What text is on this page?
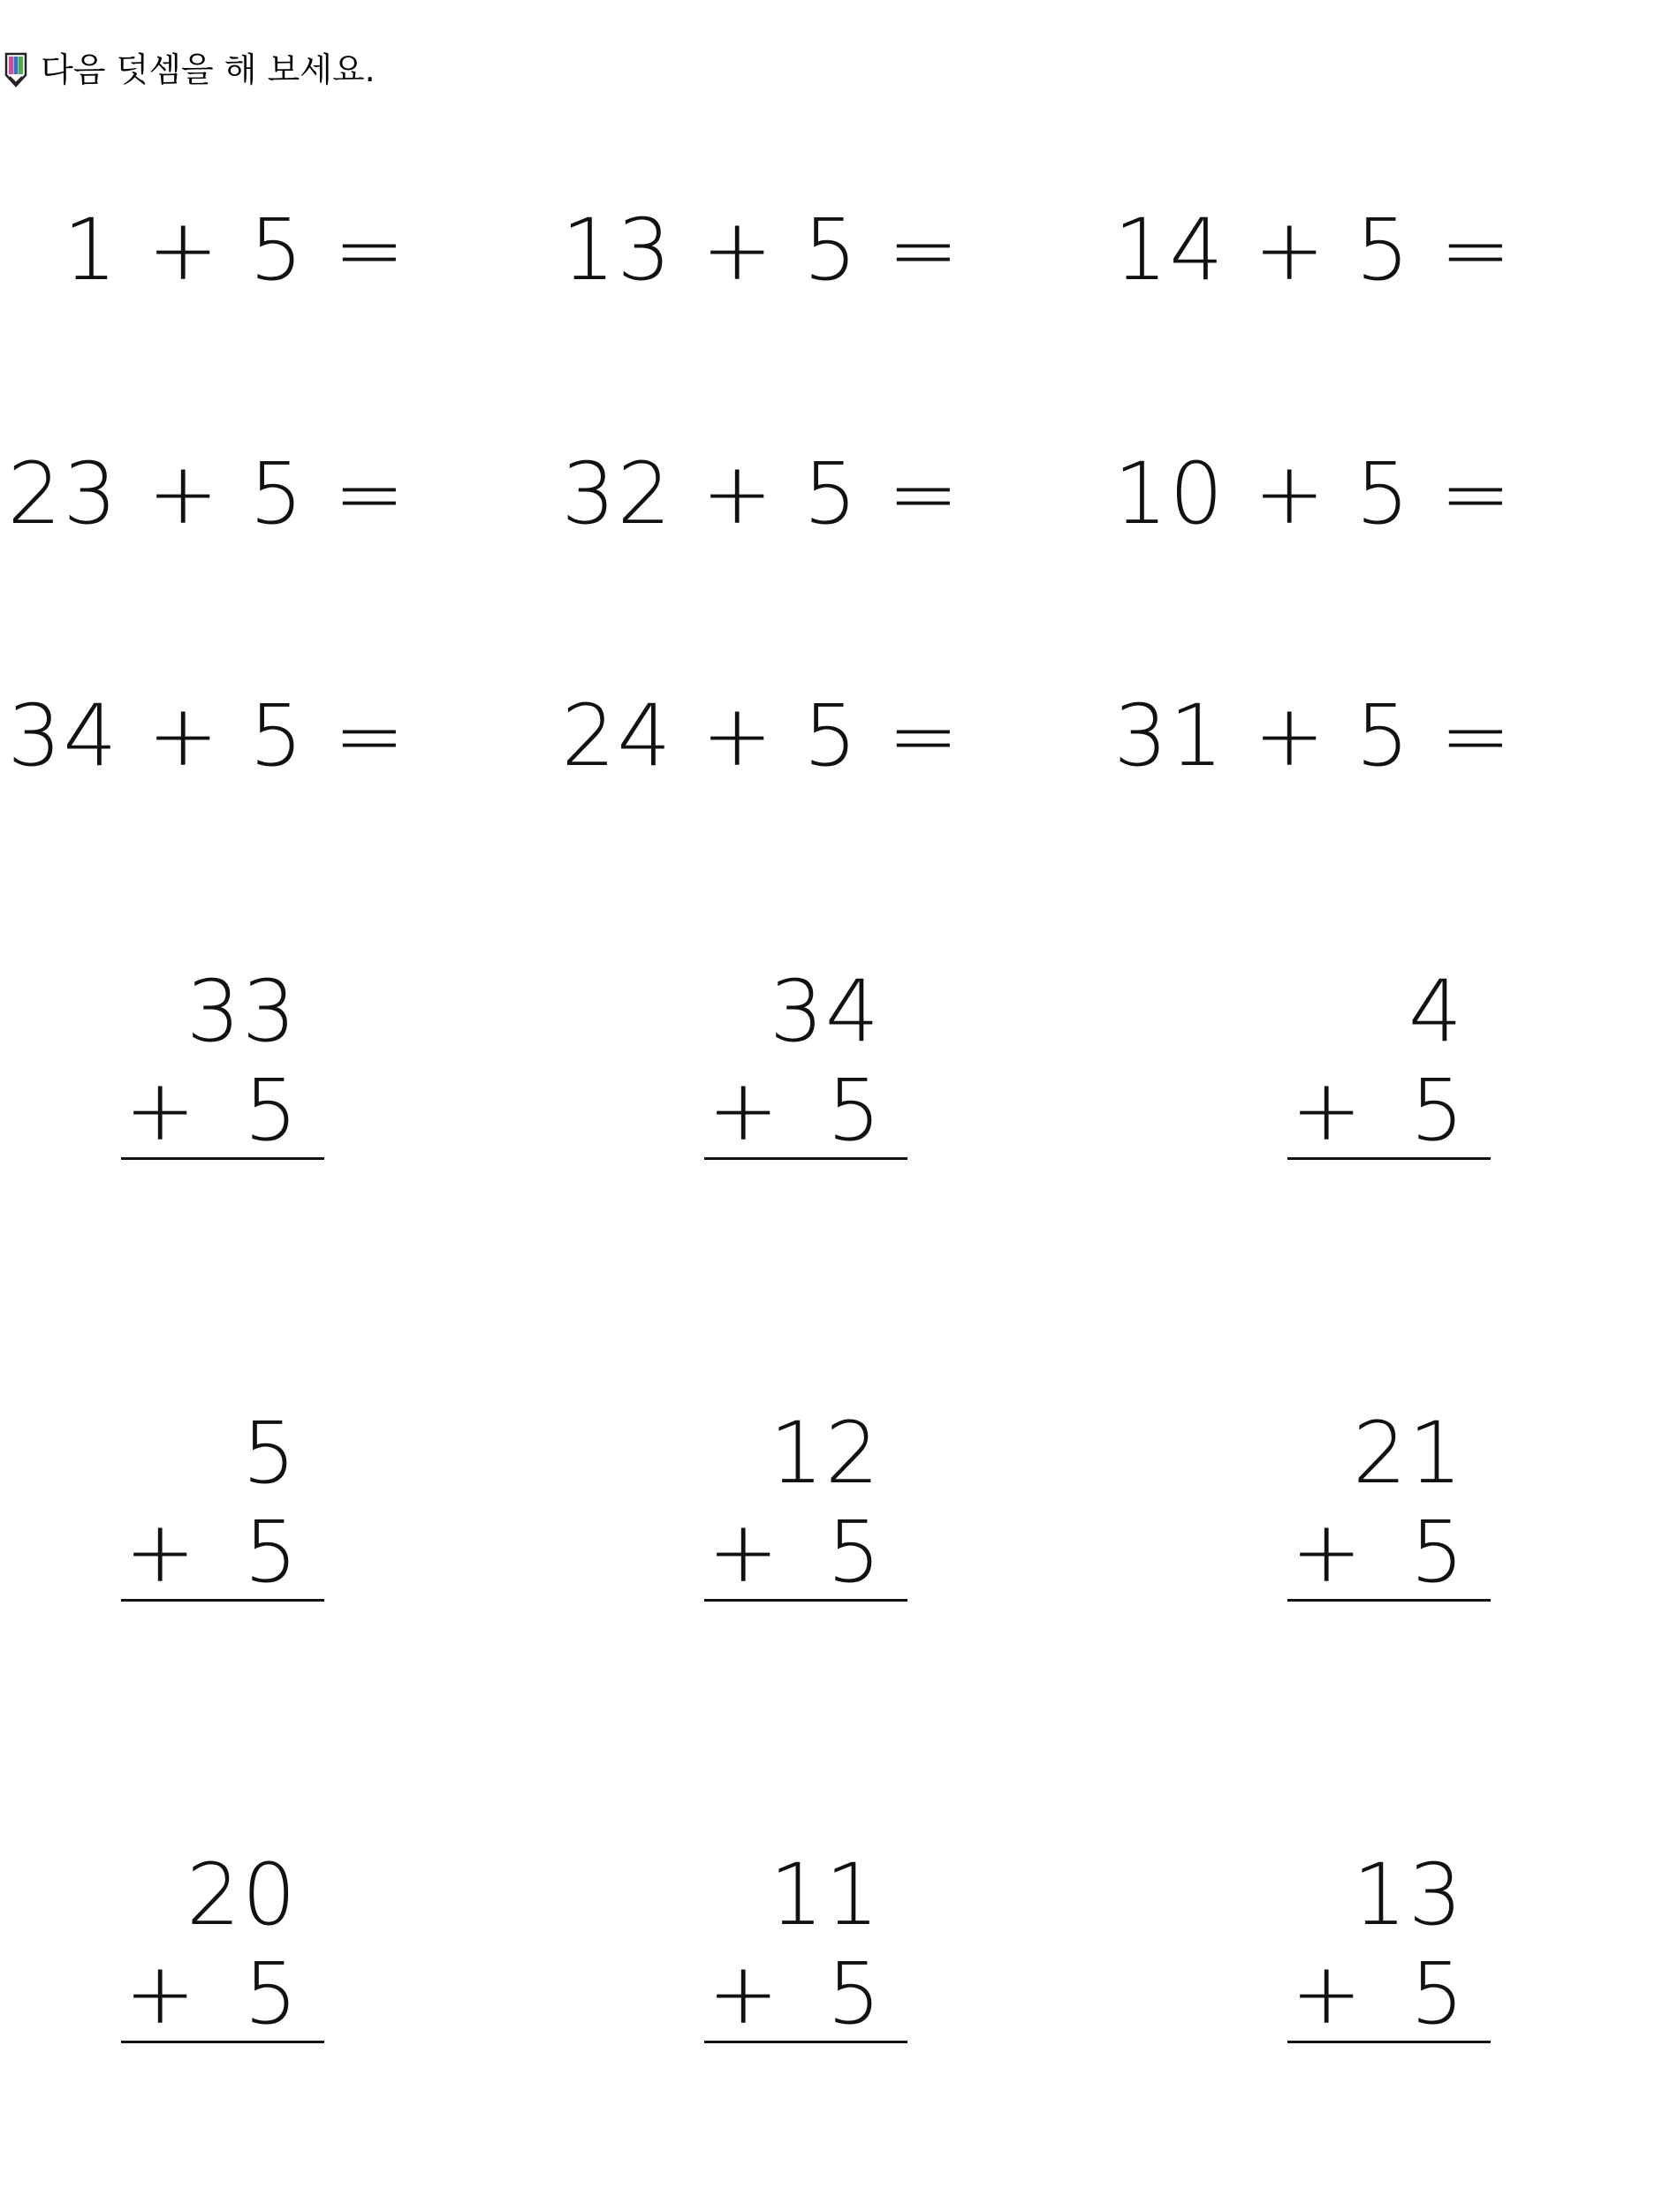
다음 덧셈을 해 보세요.
1 + 5 =	13 + 5 =	14 + 5 =
23 + 5 =	32 + 5 =	10 + 5 =
34 + 5 =	24 + 5 =	31 + 5 =
33
+ 5
34
+ 5
4
+ 5
5
+ 5
12
+ 5
21
+ 5
20
+ 5
11
+ 5
13
+ 5
